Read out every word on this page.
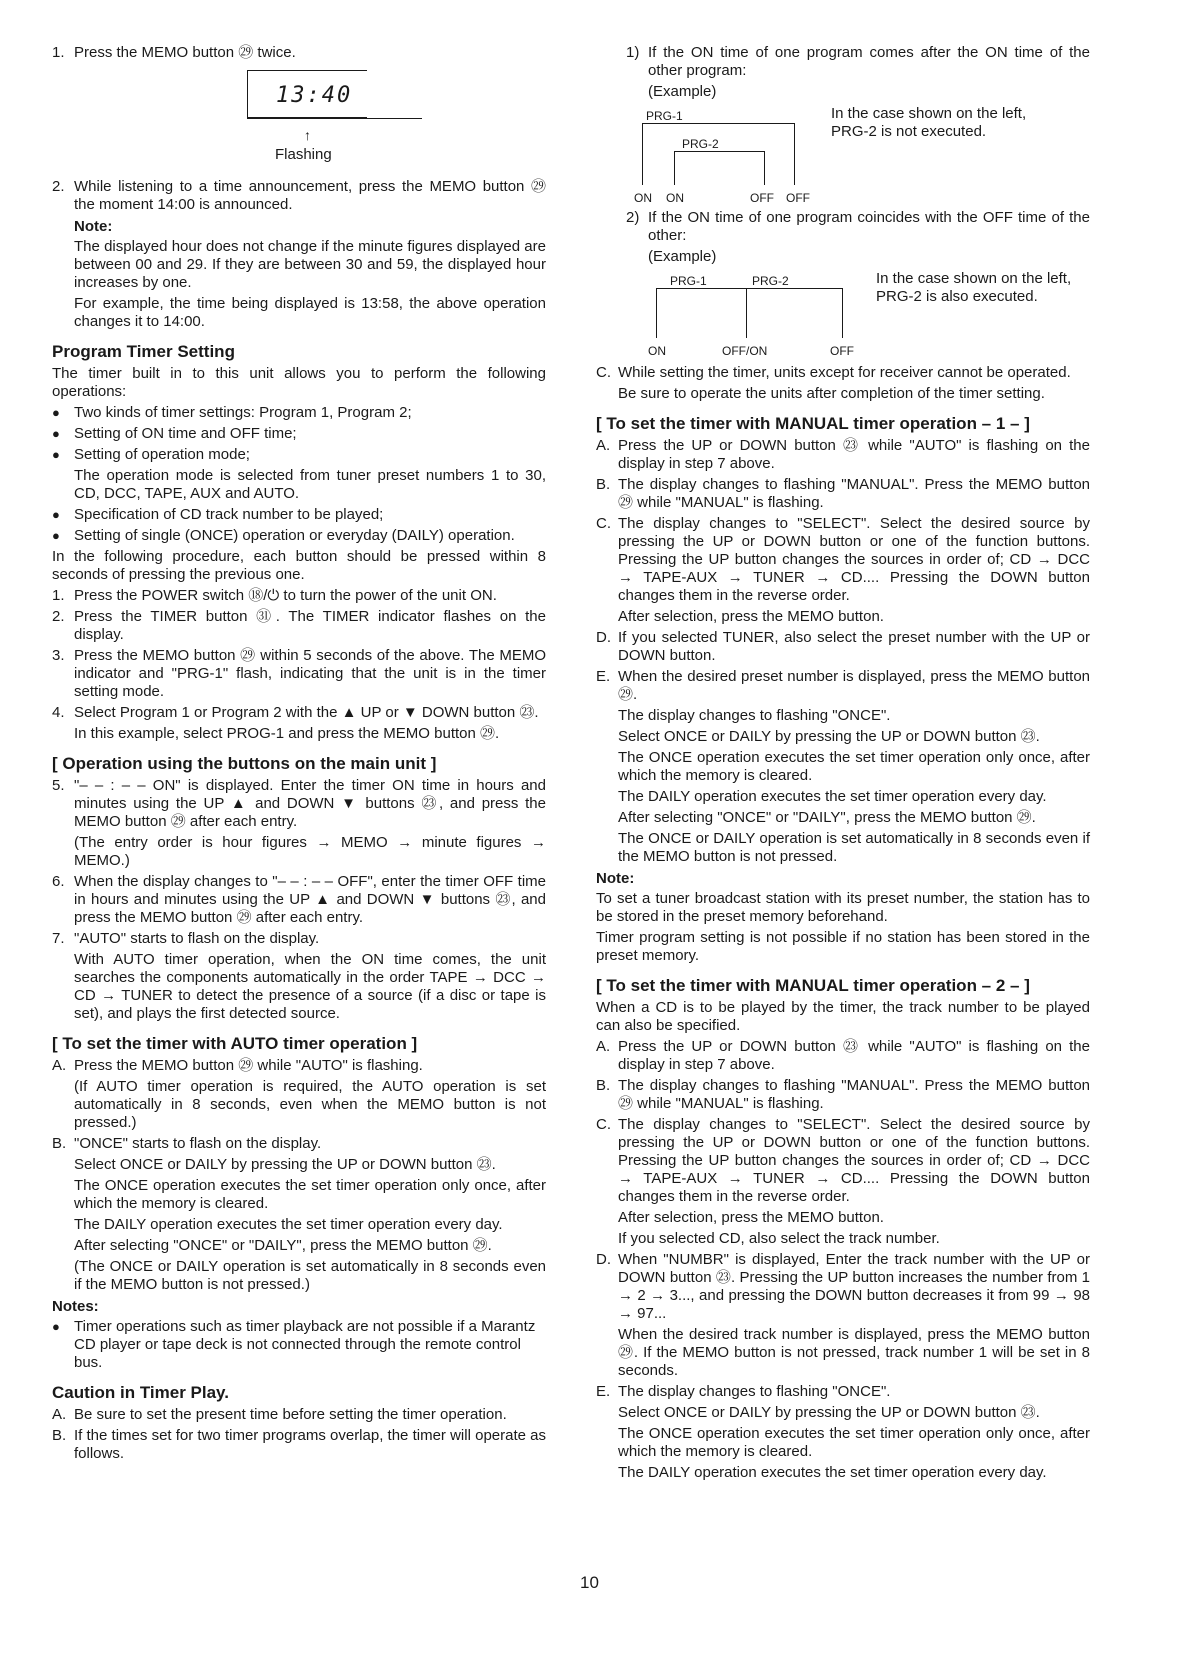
1. Press the MEMO button ㉙ twice.
13:40
↑
Flashing
2. While listening to a time announcement, press the MEMO button ㉙ the moment 14:00 is announced.
Note:
The displayed hour does not change if the minute figures displayed are between 00 and 29. If they are between 30 and 59, the displayed hour increases by one.
For example, the time being displayed is 13:58, the above operation changes it to 14:00.
Program Timer Setting

The timer built in to this unit allows you to perform the following operations:

● Two kinds of timer settings: Program 1, Program 2;
● Setting of ON time and OFF time;
● Setting of operation mode;
The operation mode is selected from tuner preset numbers 1 to 30, CD, DCC, TAPE, AUX and AUTO.
● Specification of CD track number to be played;
● Setting of single (ONCE) operation or everyday (DAILY) operation.

In the following procedure, each button should be pressed within 8 seconds of pressing the previous one.

1. Press the POWER switch ⑱/⏻ to turn the power of the unit ON.
2. Press the TIMER button ㉛. The TIMER indicator flashes on the display.
3. Press the MEMO button ㉙ within 5 seconds of the above. The MEMO indicator and "PRG-1" flash, indicating that the unit is in the timer setting mode.
4. Select Program 1 or Program 2 with the ▲ UP or ▼ DOWN button ㉓.
In this example, select PROG-1 and press the MEMO button ㉙.
[ Operation using the buttons on the main unit ]
5. "– – : – – ON" is displayed. Enter the timer ON time in hours and minutes using the UP ▲ and DOWN ▼ buttons ㉓, and press the MEMO button ㉙ after each entry.
(The entry order is hour figures → MEMO → minute figures → MEMO.)
6. When the display changes to "– – : – – OFF", enter the timer OFF time in hours and minutes using the UP ▲ and DOWN ▼ buttons ㉓, and press the MEMO button ㉙ after each entry.
7. "AUTO" starts to flash on the display.
With AUTO timer operation, when the ON time comes, the unit searches the components automatically in the order TAPE → DCC → CD → TUNER to detect the presence of a source (if a disc or tape is set), and plays the first detected source.
[ To set the timer with AUTO timer operation ]
A. Press the MEMO button ㉙ while "AUTO" is flashing.
(If AUTO timer operation is required, the AUTO operation is set automatically in 8 seconds, even when the MEMO button is not pressed.)
B. "ONCE" starts to flash on the display.
Select ONCE or DAILY by pressing the UP or DOWN button ㉓.
The ONCE operation executes the set timer operation only once, after which the memory is cleared.
The DAILY operation executes the set timer operation every day.
After selecting "ONCE" or "DAILY", press the MEMO button ㉙.
(The ONCE or DAILY operation is set automatically in 8 seconds even if the MEMO button is not pressed.)
Notes:
● Timer operations such as timer playback are not possible if a Marantz CD player or tape deck is not connected through the remote control bus.
Caution in Timer Play.
A. Be sure to set the present time before setting the timer operation.
B. If the times set for two timer programs overlap, the timer will operate as follows.
1) If the ON time of one program comes after the ON time of the other program:
(Example)
PRG-1
PRG-2
ON ON	OFF OFF
In the case shown on the left, PRG-2 is not executed.
2) If the ON time of one program coincides with the OFF time of the other:
(Example)
PRG-1	PRG-2
ON	OFF/ON	OFF
In the case shown on the left, PRG-2 is also executed.
C. While setting the timer, units except for receiver cannot be operated.
Be sure to operate the units after completion of the timer setting.
[ To set the timer with MANUAL timer operation – 1 – ]
A. Press the UP or DOWN button ㉓ while "AUTO" is flashing on the display in step 7 above.
B. The display changes to flashing "MANUAL". Press the MEMO button ㉙ while "MANUAL" is flashing.
C. The display changes to "SELECT". Select the desired source by pressing the UP or DOWN button or one of the function buttons. Pressing the UP button changes the sources in order of; CD → DCC → TAPE-AUX → TUNER → CD.... Pressing the DOWN button changes them in the reverse order.
After selection, press the MEMO button.
D. If you selected TUNER, also select the preset number with the UP or DOWN button.
E. When the desired preset number is displayed, press the MEMO button ㉙.
The display changes to flashing "ONCE".
Select ONCE or DAILY by pressing the UP or DOWN button ㉓.
The ONCE operation executes the set timer operation only once, after which the memory is cleared.
The DAILY operation executes the set timer operation every day.
After selecting "ONCE" or "DAILY", press the MEMO button ㉙.
The ONCE or DAILY operation is set automatically in 8 seconds even if the MEMO button is not pressed.
Note:

To set a tuner broadcast station with its preset number, the station has to be stored in the preset memory beforehand.

Timer program setting is not possible if no station has been stored in the preset memory.

[ To set the timer with MANUAL timer operation – 2 – ]

When a CD is to be played by the timer, the track number to be played can also be specified.

A. Press the UP or DOWN button ㉓ while "AUTO" is flashing on the display in step 7 above.
B. The display changes to flashing "MANUAL". Press the MEMO button ㉙ while "MANUAL" is flashing.
C. The display changes to "SELECT". Select the desired source by pressing the UP or DOWN button or one of the function buttons. Pressing the UP button changes the sources in order of; CD → DCC → TAPE-AUX → TUNER → CD.... Pressing the DOWN button changes them in the reverse order.
After selection, press the MEMO button.
If you selected CD, also select the track number.
D. When "NUMBR" is displayed, Enter the track number with the UP or DOWN button ㉓. Pressing the UP button increases the number from 1 → 2 → 3..., and pressing the DOWN button decreases it from 99 → 98 → 97...
When the desired track number is displayed, press the MEMO button ㉙. If the MEMO button is not pressed, track number 1 will be set in 8 seconds.
E. The display changes to flashing "ONCE".
Select ONCE or DAILY by pressing the UP or DOWN button ㉓.
The ONCE operation executes the set timer operation only once, after which the memory is cleared.
The DAILY operation executes the set timer operation every day.
10
